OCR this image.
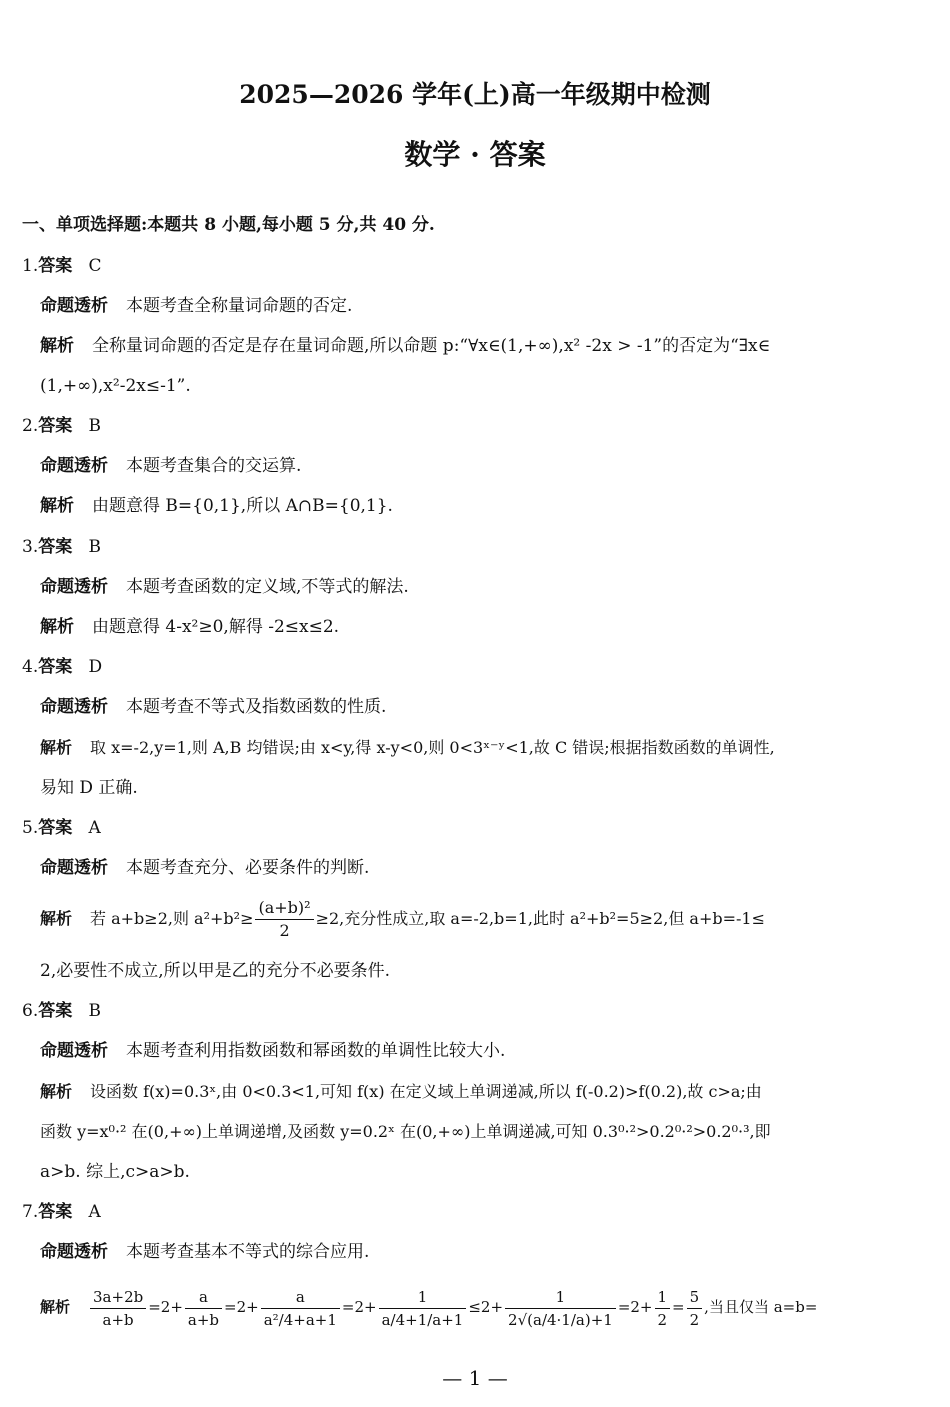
2025—2026 学年(上)高一年级期中检测
数学 · 答案
一、单项选择题:本题共 8 小题,每小题 5 分,共 40 分.
1.答案 C
命题透析 本题考查全称量词命题的否定.
解析 全称量词命题的否定是存在量词命题,所以命题 p:“∀x∈(1,+∞),x² -2x > -1”的否定为“∃x∈
(1,+∞),x²-2x≤-1”.
2.答案 B
命题透析 本题考查集合的交运算.
解析 由题意得 B={0,1},所以 A∩B={0,1}.
3.答案 B
命题透析 本题考查函数的定义域,不等式的解法.
解析 由题意得 4-x²≥0,解得 -2≤x≤2.
4.答案 D
命题透析 本题考查不等式及指数函数的性质.
解析 取 x=-2,y=1,则 A,B 均错误;由 x<y,得 x-y<0,则 0<3ˣ⁻ʸ<1,故 C 错误;根据指数函数的单调性,
易知 D 正确.
5.答案 A
命题透析 本题考查充分、必要条件的判断.
解析 若 a+b≥2,则 $a^2+b^2\ge \frac{\text{(a+b)²}}{2} \ge 2$,充分性成立,取 a=-2,b=1,此时 a²+b²=5≥2,但 a+b=-1≤
2,必要性不成立,所以甲是乙的充分不必要条件.
6.答案 B
命题透析 本题考查利用指数函数和幂函数的单调性比较大小.
解析 设函数 f(x)=0.3ˣ,由 0<0.3<1,可知 f(x) 在定义域上单调递减,所以 f(-0.2)>f(0.2),故 c>a;由
函数 y=x⁰·² 在(0,+∞)上单调递增,及函数 y=0.2ˣ 在(0,+∞)上单调递减,可知 0.3⁰·²>0.2⁰·²>0.2⁰·³,即
a>b. 综上,c>a>b.
7.答案 A
命题透析 本题考查基本不等式的综合应用.
解析 $\frac{3a+2b}{a+b} =2+ \frac{a}{a+b} =2+ \frac{a}{\text{a²/4+a+1}} =2+ \frac{1}{a/4+1/a+1} \le 2+ \frac{1}{2√(a/4\cdot 1/a)+1} =2+ \frac{1}{2} = \frac{5}{2}$ ,当且仅当 a=b=
— 1 —
